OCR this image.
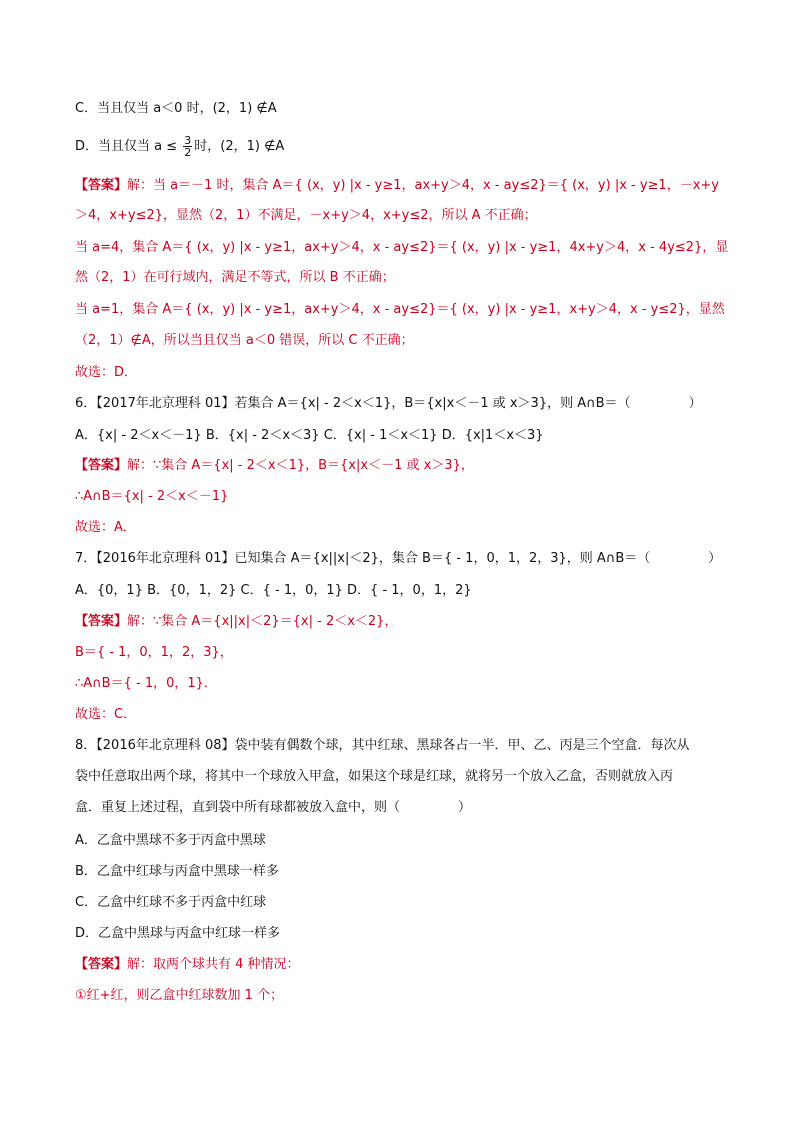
C．当且仅当 a＜0 时，(2，1) ∉A
D．当且仅当 $a \le \frac{3}{2}$ 时，(2，1) ∉A
【答案】解：当 a＝－1 时，集合 A＝{ (x，y) |x - y≥1，ax+y＞4，x - ay≤2}＝{ (x，y) |x - y≥1，－x+y
＞4，x+y≤2}，显然（2，1）不满足，－x+y＞4，x+y≤2，所以 A 不正确；
当 a=4，集合 A＝{ (x，y) |x - y≥1，ax+y＞4，x - ay≤2}＝{ (x，y) |x - y≥1，4x+y＞4，x - 4y≤2}，显
然（2，1）在可行域内，满足不等式，所以 B 不正确；
当 a=1，集合 A＝{ (x，y) |x - y≥1，ax+y＞4，x - ay≤2}＝{ (x，y) |x - y≥1，x+y＞4，x - y≤2}，显然
（2，1）∉A，所以当且仅当 a＜0 错误，所以 C 不正确；
故选：D．
6．【2017年北京理科 01】若集合 A＝{x| - 2＜x＜1}，B＝{x|x＜－1 或 x＞3}，则 A∩B＝（	）
A．{x| - 2＜x＜－1} B．{x| - 2＜x＜3} C．{x| - 1＜x＜1} D．{x|1＜x＜3}
【答案】解：∵集合 A＝{x| - 2＜x＜1}，B＝{x|x＜－1 或 x＞3}，
∴A∩B＝{x| - 2＜x＜－1}
故选：A．
7．【2016年北京理科 01】已知集合 A＝{x||x|＜2}，集合 B＝{ - 1，0，1，2，3}，则 A∩B＝（	）
A．{0，1} B．{0，1，2} C．{ - 1，0，1} D．{ - 1，0，1，2}
【答案】解：∵集合 A＝{x||x|＜2}＝{x| - 2＜x＜2}，
B＝{ - 1，0，1，2，3}，
∴A∩B＝{ - 1，0，1}．
故选：C．
8．【2016年北京理科 08】袋中装有偶数个球，其中红球、黑球各占一半．甲、乙、丙是三个空盒．每次从
袋中任意取出两个球，将其中一个球放入甲盒，如果这个球是红球，就将另一个放入乙盒，否则就放入丙
盒．重复上述过程，直到袋中所有球都被放入盒中，则（	）
A．乙盒中黑球不多于丙盒中黑球
B．乙盒中红球与丙盒中黑球一样多
C．乙盒中红球不多于丙盒中红球
D．乙盒中黑球与丙盒中红球一样多
【答案】解：取两个球共有 4 种情况：
①红+红，则乙盒中红球数加 1 个；
